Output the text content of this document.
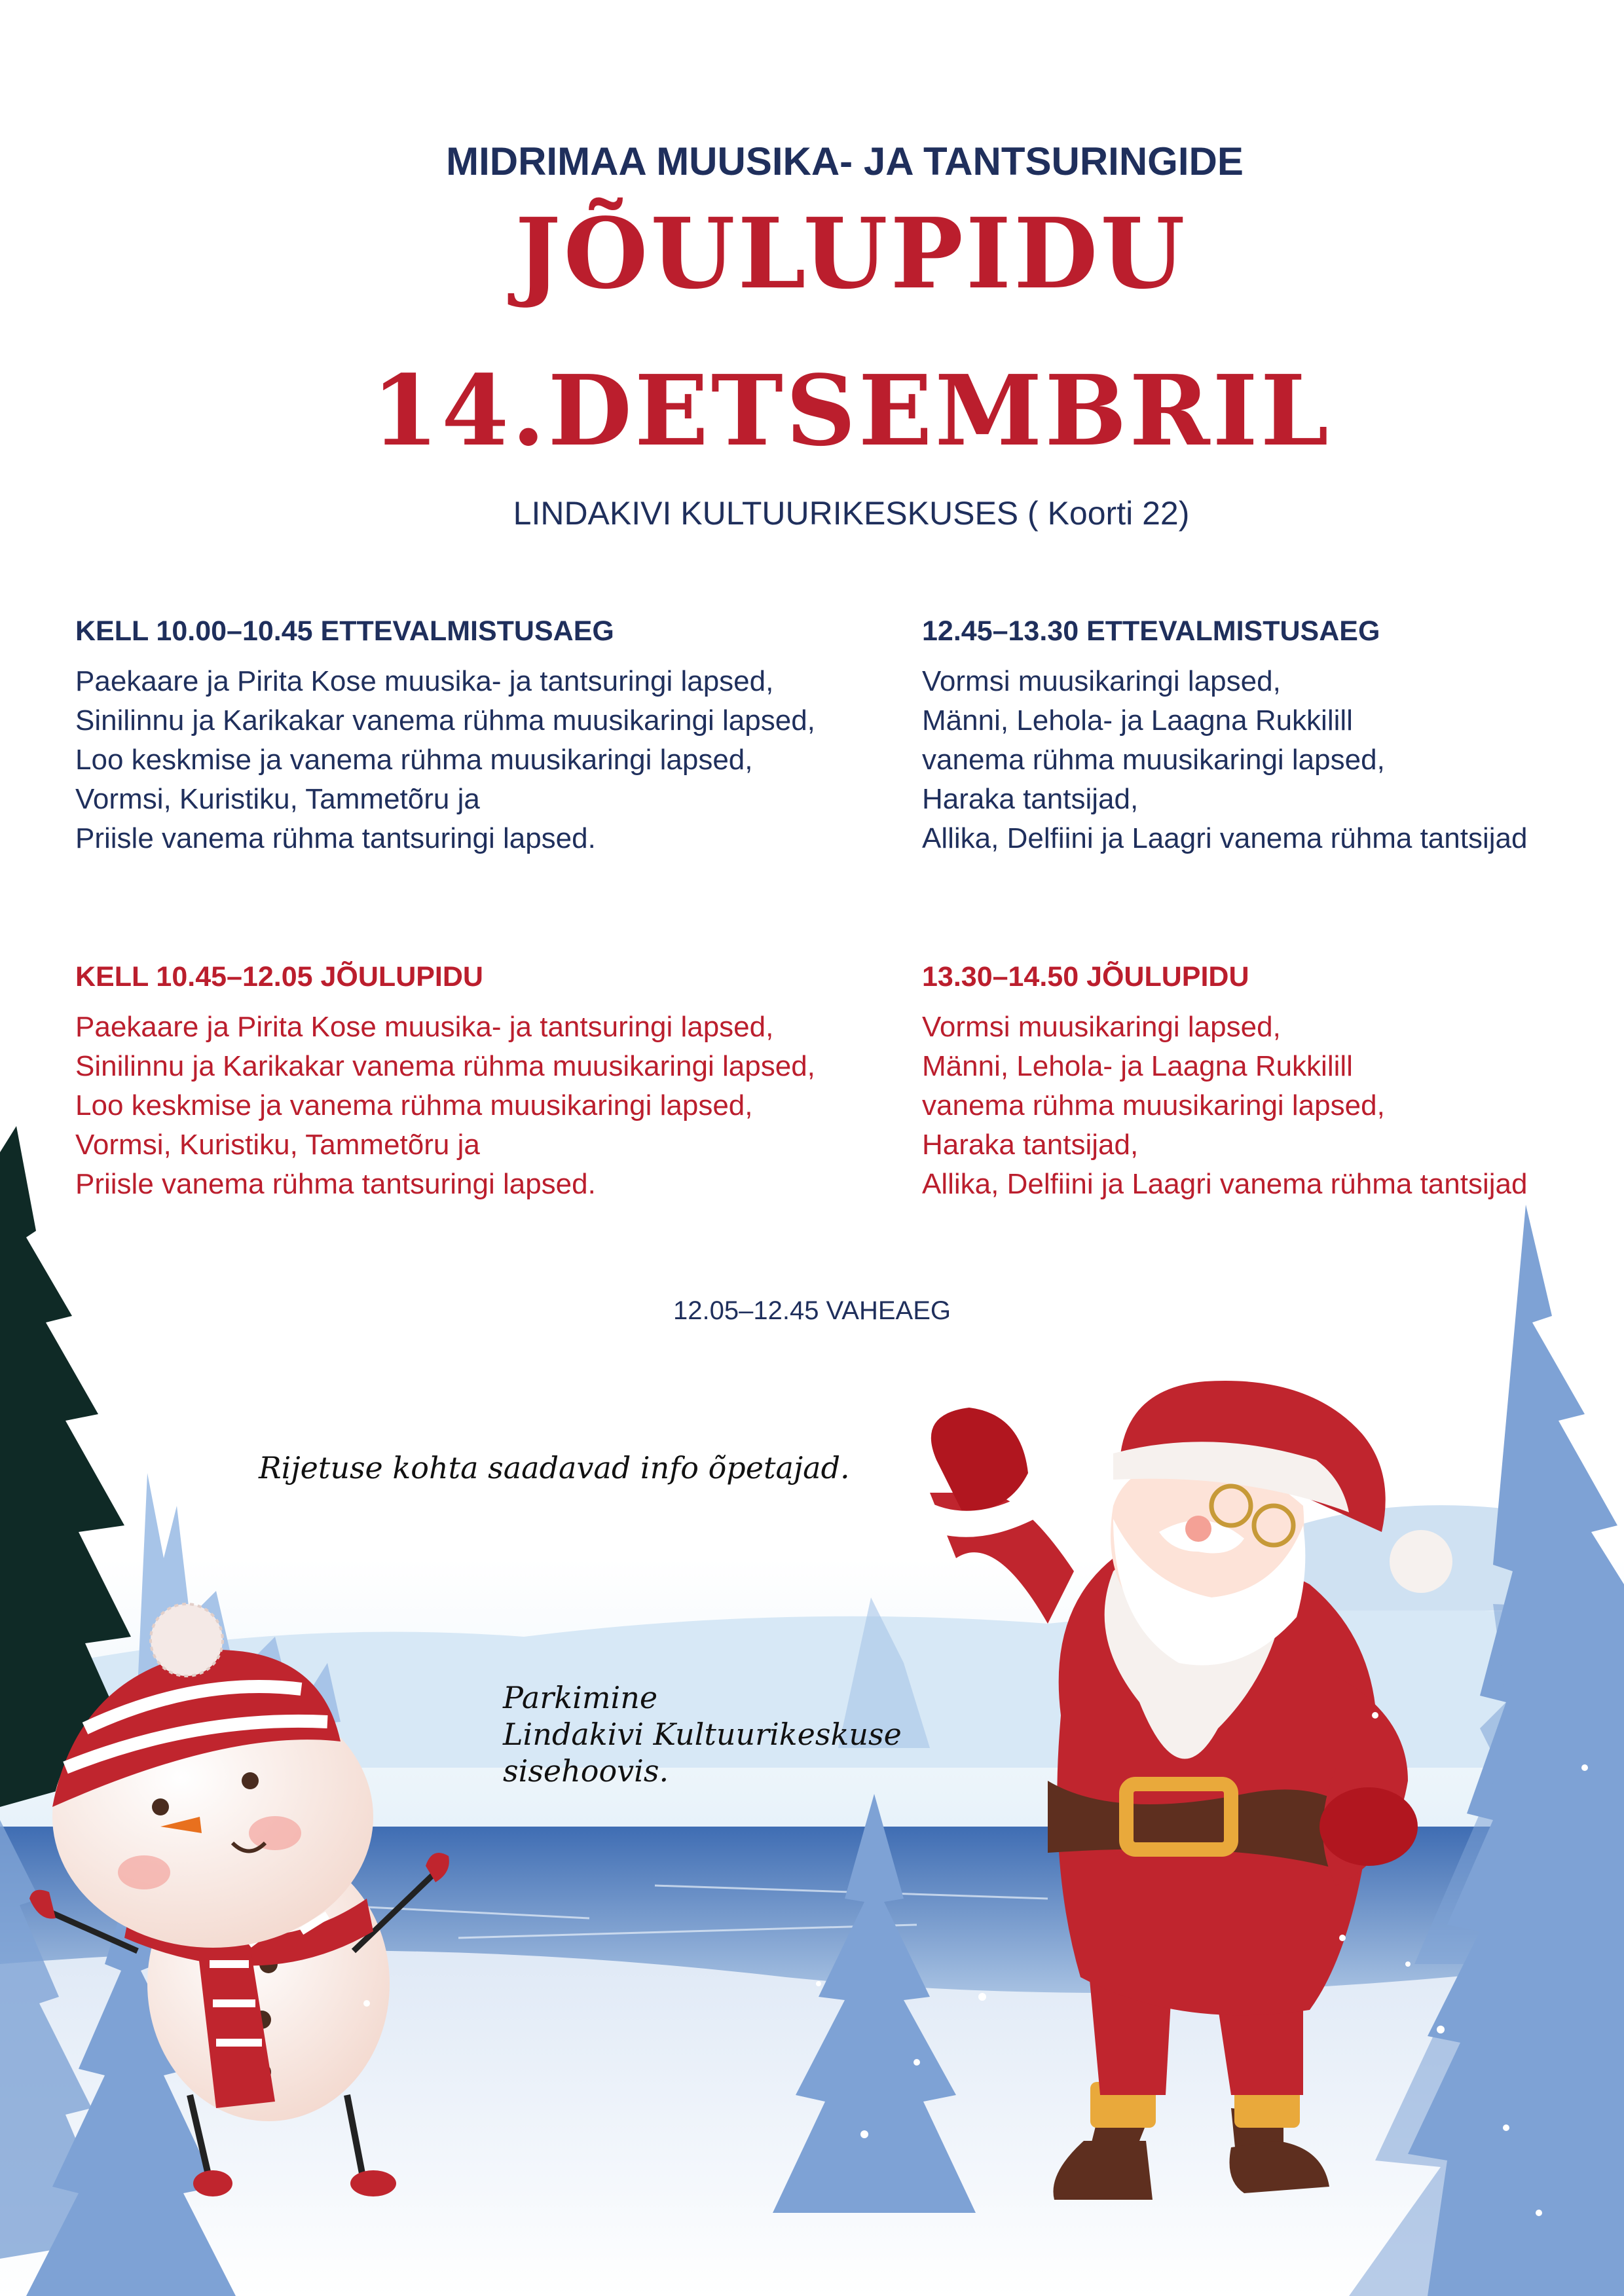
MIDRIMAA MUUSIKA- JA TANTSURINGIDE
JÕULUPIDU
14.DETSEMBRIL
LINDAKIVI KULTUURIKESKUSES ( Koorti 22)
KELL 10.00–10.45 ETTEVALMISTUSAEG

Paekaare ja Pirita Kose muusika- ja tantsuringi lapsed,

Sinilinnu ja Karikakar vanema rühma muusikaringi lapsed,

Loo keskmise ja vanema rühma muusikaringi lapsed,

Vormsi, Kuristiku, Tammetõru ja

Priisle vanema rühma tantsuringi lapsed.

12.45–13.30 ETTEVALMISTUSAEG

Vormsi muusikaringi lapsed,

Männi, Lehola- ja Laagna Rukkilill

vanema rühma muusikaringi lapsed,

Haraka tantsijad,

Allika, Delfiini ja Laagri vanema rühma tantsijad

KELL 10.45–12.05 JÕULUPIDU

Paekaare ja Pirita Kose muusika- ja tantsuringi lapsed,

Sinilinnu ja Karikakar vanema rühma muusikaringi lapsed,

Loo keskmise ja vanema rühma muusikaringi lapsed,

Vormsi, Kuristiku, Tammetõru ja

Priisle vanema rühma tantsuringi lapsed.

13.30–14.50 JÕULUPIDU

Vormsi muusikaringi lapsed,

Männi, Lehola- ja Laagna Rukkilill

vanema rühma muusikaringi lapsed,

Haraka tantsijad,

Allika, Delfiini ja Laagri vanema rühma tantsijad

12.05–12.45 VAHEAEG
Rijetuse kohta saadavad info õpetajad.
Parkimine
Lindakivi Kultuurikeskuse
sisehoovis.
